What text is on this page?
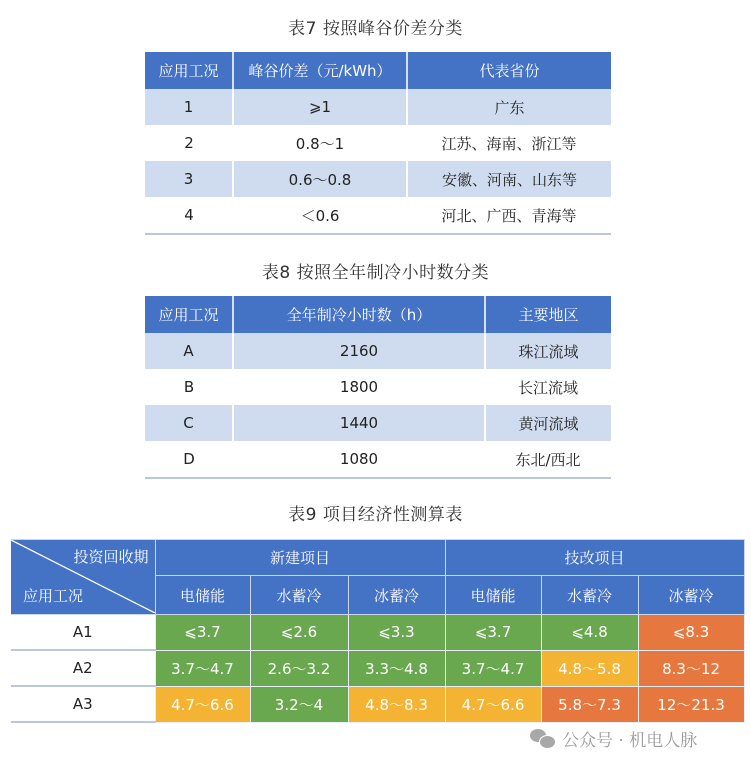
表7 按照峰谷价差分类
应用工况	峰谷价差（元/kWh）	代表省份
1	⩾1	广东
2	0.8～1	江苏、海南、浙江等
3	0.6～0.8	安徽、河南、山东等
4	＜0.6	河北、广西、青海等
表8 按照全年制冷小时数分类
应用工况	全年制冷小时数（h）	主要地区
A	2160	珠江流域
B	1800	长江流域
C	1440	黄河流域
D	1080	东北/西北
表9 项目经济性测算表
投资回收期
应用工况	新建项目			技改项目		
	电储能	水蓄冷	冰蓄冷	电储能	水蓄冷	冰蓄冷
A1	⩽3.7	⩽2.6	⩽3.3	⩽3.7	⩽4.8	⩽8.3
A2	3.7～4.7	2.6～3.2	3.3～4.8	3.7～4.7	4.8～5.8	8.3～12
A3	4.7～6.6	3.2～4	4.8～8.3	4.7～6.6	5.8～7.3	12～21.3
公众号 · 机电人脉
